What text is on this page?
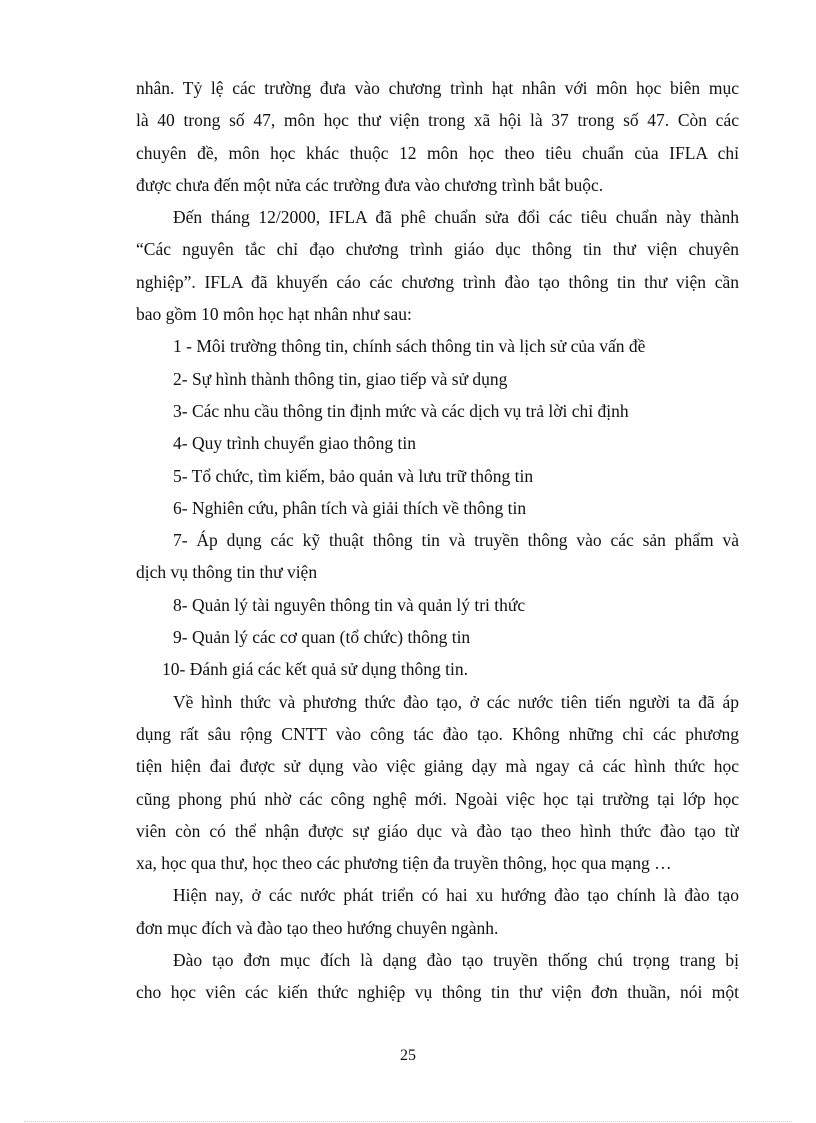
nhân. Tỷ lệ các trường đưa vào chương trình hạt nhân với môn học biên mục
là 40 trong số 47, môn học thư viện trong xã hội là 37 trong số 47. Còn các
chuyên đề, môn học khác thuộc 12 môn học theo tiêu chuẩn của IFLA chỉ
được chưa đến một nửa các trường đưa vào chương trình bắt buộc.
Đến tháng 12/2000, IFLA đã phê chuẩn sửa đổi các tiêu chuẩn này thành
“Các nguyên tắc chỉ đạo chương trình giáo dục thông tin thư viện chuyên
nghiệp”. IFLA đã khuyến cáo các chương trình đào tạo thông tin thư viện cần
bao gồm 10 môn học hạt nhân như sau:
1 - Môi trường thông tin, chính sách thông tin và lịch sử của vấn đề
2- Sự hình thành thông tin, giao tiếp và sử dụng
3- Các nhu cầu thông tin định mức và các dịch vụ trả lời chỉ định
4- Quy trình chuyển giao thông tin
5- Tổ chức, tìm kiếm, bảo quản và lưu trữ thông tin
6- Nghiên cứu, phân tích và giải thích về thông tin
7- Áp dụng các kỹ thuật thông tin và truyền thông vào các sản phẩm và
dịch vụ thông tin thư viện
8- Quản lý tài nguyên thông tin và quản lý tri thức
9- Quản lý các cơ quan (tổ chức) thông tin
10- Đánh giá các kết quả sử dụng thông tin.
Về hình thức và phương thức đào tạo, ở các nước tiên tiến người ta đã áp
dụng rất sâu rộng CNTT vào công tác đào tạo. Không những chỉ các phương
tiện hiện đai được sử dụng vào việc giảng dạy mà ngay cả các hình thức học
cũng phong phú nhờ các công nghệ mới. Ngoài việc học tại trường tại lớp học
viên còn có thể nhận được sự giáo dục và đào tạo theo hình thức đào tạo từ
xa, học qua thư, học theo các phương tiện đa truyền thông, học qua mạng …
Hiện nay, ở các nước phát triển có hai xu hướng đào tạo chính là đào tạo
đơn mục đích và đào tạo theo hướng chuyên ngành.
Đào tạo đơn mục đích là dạng đào tạo truyền thống chú trọng trang bị
cho học viên các kiến thức nghiệp vụ thông tin thư viện đơn thuần, nói một
25
